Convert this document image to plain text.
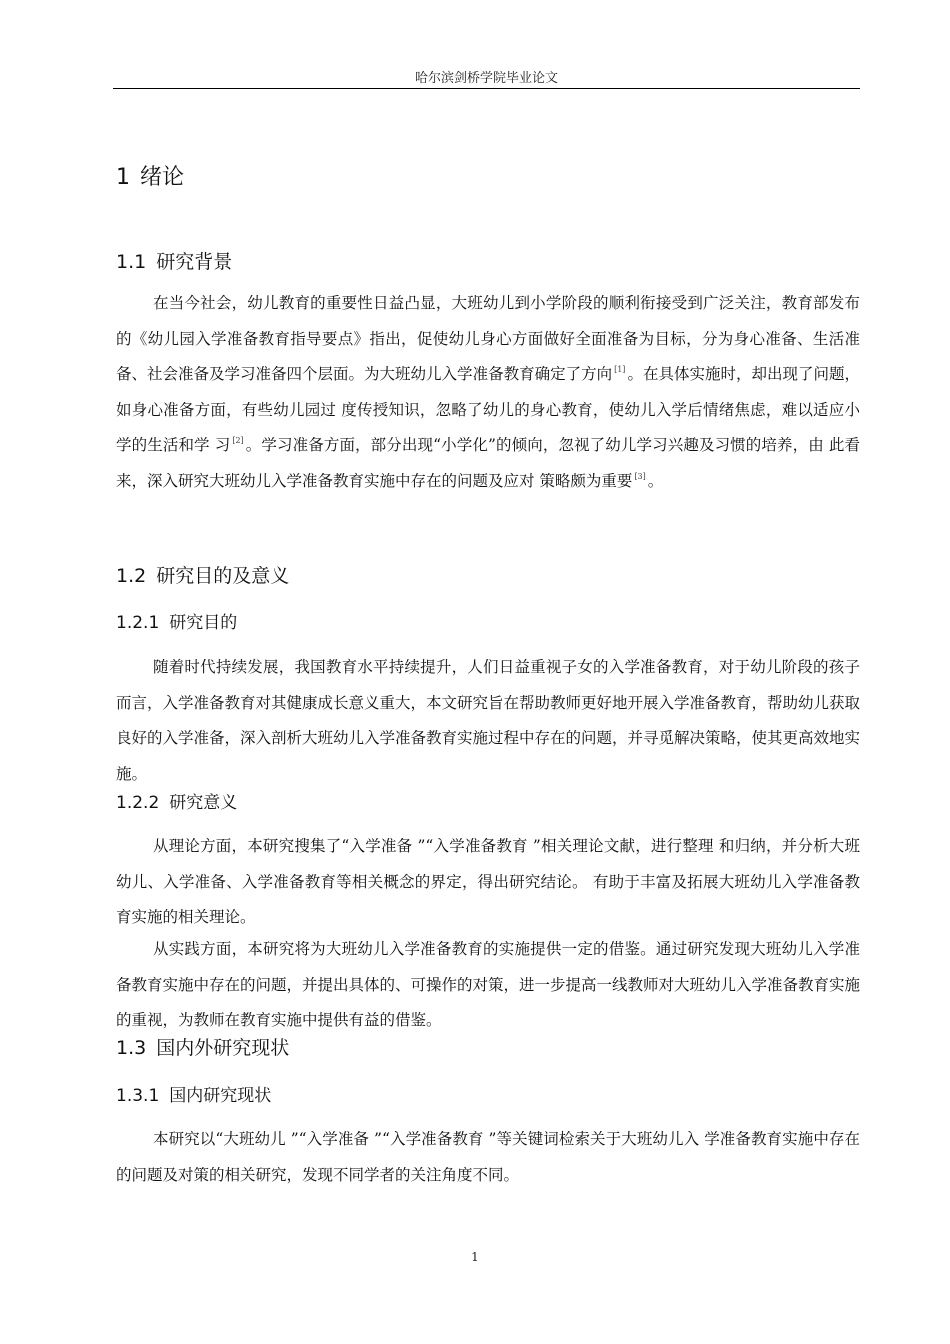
哈尔滨剑桥学院毕业论文
1 绪论
1.1 研究背景

在当今社会，幼儿教育的重要性日益凸显，大班幼儿到小学阶段的顺利衔接受到广泛关注，教育部发布的《幼儿园入学准备教育指导要点》指出，促使幼儿身心方面做好全面准备为目标，分为身心准备、生活准备、社会准备及学习准备四个层面。为大班幼儿入学准备教育确定了方向 [1] 。在具体实施时，却出现了问题，如身心准备方面，有些幼儿园过 度传授知识，忽略了幼儿的身心教育，使幼儿入学后情绪焦虑，难以适应小学的生活和学 习 [2] 。学习准备方面，部分出现“小学化”的倾向，忽视了幼儿学习兴趣及习惯的培养，由 此看来，深入研究大班幼儿入学准备教育实施中存在的问题及应对 策略颇为重要 [3] 。

1.2 研究目的及意义
1.2.1 研究目的

随着时代持续发展，我国教育水平持续提升，人们日益重视子女的入学准备教育，对于幼儿阶段的孩子而言，入学准备教育对其健康成长意义重大，本文研究旨在帮助教师更好地开展入学准备教育，帮助幼儿获取良好的入学准备，深入剖析大班幼儿入学准备教育实施过程中存在的问题，并寻觅解决策略，使其更高效地实施。

1.2.2 研究意义

从理论方面，本研究搜集了“入学准备 ”“入学准备教育 ”相关理论文献，进行整理 和归纳，并分析大班幼儿、入学准备、入学准备教育等相关概念的界定，得出研究结论。 有助于丰富及拓展大班幼儿入学准备教育实施的相关理论。

从实践方面，本研究将为大班幼儿入学准备教育的实施提供一定的借鉴。通过研究发现大班幼儿入学准备教育实施中存在的问题，并提出具体的、可操作的对策，进一步提高一线教师对大班幼儿入学准备教育实施的重视，为教师在教育实施中提供有益的借鉴。

1.3 国内外研究现状
1.3.1 国内研究现状

本研究以“大班幼儿 ”“入学准备 ”“入学准备教育 ”等关键词检索关于大班幼儿入 学准备教育实施中存在的问题及对策的相关研究，发现不同学者的关注角度不同。

1
